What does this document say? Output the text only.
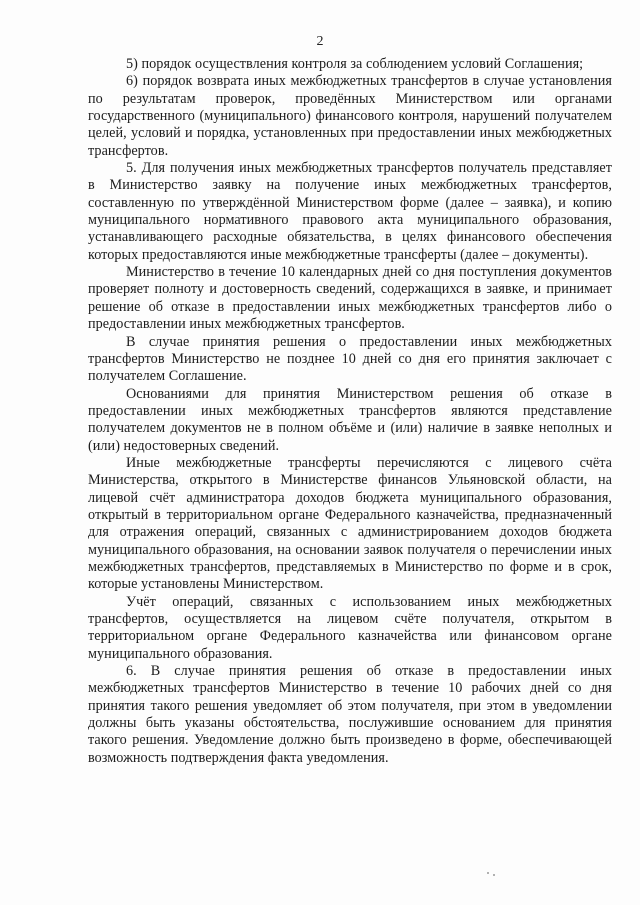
2

5) порядок осуществления контроля за соблюдением условий Соглашения;

6) порядок возврата иных межбюджетных трансфертов в случае установления по результатам проверок, проведённых Министерством или органами государственного (муниципального) финансового контроля, нарушений получателем целей, условий и порядка, установленных при предоставлении иных межбюджетных трансфертов.

5. Для получения иных межбюджетных трансфертов получатель представляет в Министерство заявку на получение иных межбюджетных трансфертов, составленную по утверждённой Министерством форме (далее – заявка), и копию муниципального нормативного правового акта муниципального образования, устанавливающего расходные обязательства, в целях финансового обеспечения которых предоставляются иные межбюджетные трансферты (далее – документы).

Министерство в течение 10 календарных дней со дня поступления документов проверяет полноту и достоверность сведений, содержащихся в заявке, и принимает решение об отказе в предоставлении иных межбюджетных трансфертов либо о предоставлении иных межбюджетных трансфертов.

В случае принятия решения о предоставлении иных межбюджетных трансфертов Министерство не позднее 10 дней со дня его принятия заключает с получателем Соглашение.

Основаниями для принятия Министерством решения об отказе в предоставлении иных межбюджетных трансфертов являются представление получателем документов не в полном объёме и (или) наличие в заявке неполных и (или) недостоверных сведений.

Иные межбюджетные трансферты перечисляются с лицевого счёта Министерства, открытого в Министерстве финансов Ульяновской области, на лицевой счёт администратора доходов бюджета муниципального образования, открытый в территориальном органе Федерального казначейства, предназначенный для отражения операций, связанных с администрированием доходов бюджета муниципального образования, на основании заявок получателя о перечислении иных межбюджетных трансфертов, представляемых в Министерство по форме и в срок, которые установлены Министерством.

Учёт операций, связанных с использованием иных межбюджетных трансфертов, осуществляется на лицевом счёте получателя, открытом в территориальном органе Федерального казначейства или финансовом органе муниципального образования.

6. В случае принятия решения об отказе в предоставлении иных межбюджетных трансфертов Министерство в течение 10 рабочих дней со дня принятия такого решения уведомляет об этом получателя, при этом в уведомлении должны быть указаны обстоятельства, послужившие основанием для принятия такого решения. Уведомление должно быть произведено в форме, обеспечивающей возможность подтверждения факта уведомления.
